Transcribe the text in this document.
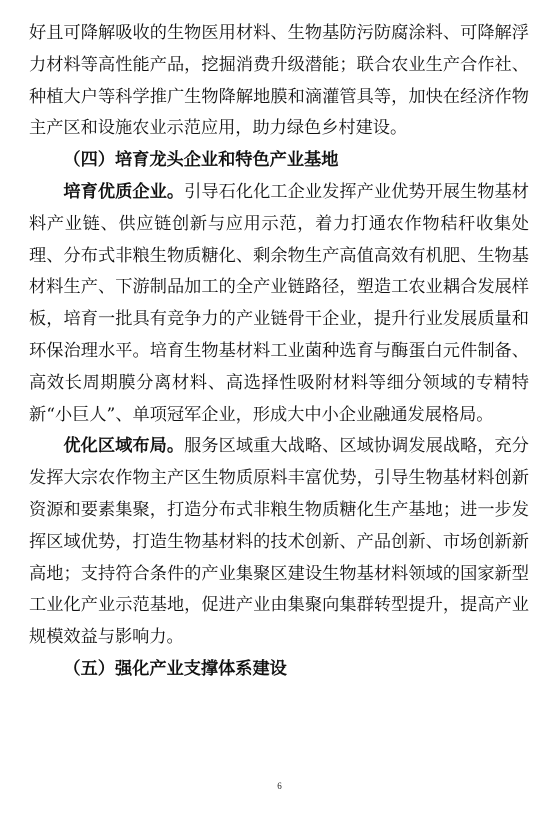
好且可降解吸收的生物医用材料、生物基防污防腐涂料、可降解浮力材料等高性能产品，挖掘消费升级潜能；联合农业生产合作社、种植大户等科学推广生物降解地膜和滴灌管具等，加快在经济作物主产区和设施农业示范应用，助力绿色乡村建设。

（四）培育龙头企业和特色产业基地

培育优质企业。引导石化化工企业发挥产业优势开展生物基材料产业链、供应链创新与应用示范，着力打通农作物秸秆收集处理、分布式非粮生物质糖化、剩余物生产高值高效有机肥、生物基材料生产、下游制品加工的全产业链路径，塑造工农业耦合发展样板，培育一批具有竞争力的产业链骨干企业，提升行业发展质量和环保治理水平。培育生物基材料工业菌种选育与酶蛋白元件制备、高效长周期膜分离材料、高选择性吸附材料等细分领域的专精特新“小巨人”、单项冠军企业，形成大中小企业融通发展格局。

优化区域布局。服务区域重大战略、区域协调发展战略，充分发挥大宗农作物主产区生物质原料丰富优势，引导生物基材料创新资源和要素集聚，打造分布式非粮生物质糖化生产基地；进一步发挥区域优势，打造生物基材料的技术创新、产品创新、市场创新新高地；支持符合条件的产业集聚区建设生物基材料领域的国家新型工业化产业示范基地，促进产业由集聚向集群转型提升，提高产业规模效益与影响力。

（五）强化产业支撑体系建设

6
